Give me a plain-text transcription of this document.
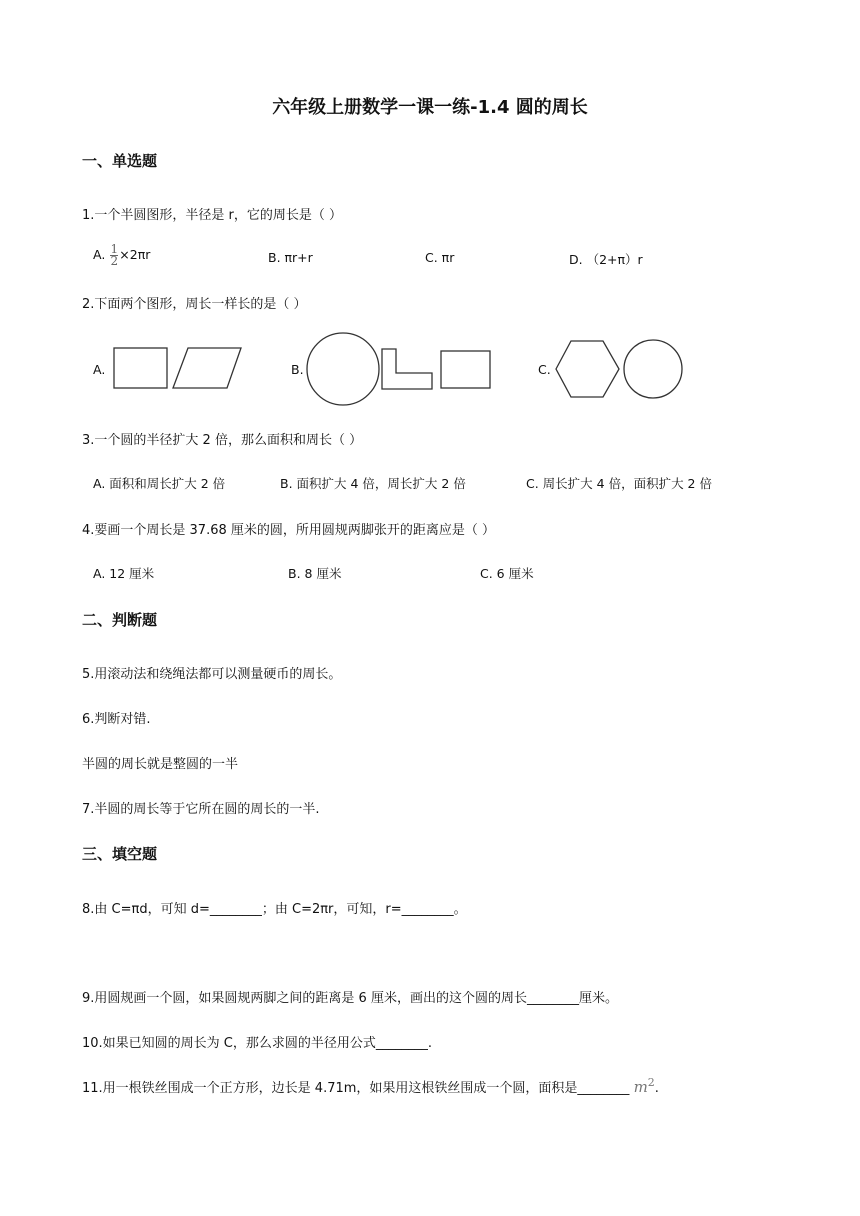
六年级上册数学一课一练-1.4 圆的周长
一、单选题
1.一个半圆图形，半径是 r，它的周长是（ ）
A. $\frac{1}{2}\times 2\pi r$	B. πr+r	C. πr	D. （2+π）r
2.下面两个图形，周长一样长的是（ ）
A.	B.	C.
3.一个圆的半径扩大 2 倍，那么面积和周长（ ）
A. 面积和周长扩大 2 倍	B. 面积扩大 4 倍，周长扩大 2 倍	C. 周长扩大 4 倍，面积扩大 2 倍
4.要画一个周长是 37.68 厘米的圆，所用圆规两脚张开的距离应是（ ）
A. 12 厘米	B. 8 厘米	C. 6 厘米
二、判断题
5.用滚动法和绕绳法都可以测量硬币的周长。
6.判断对错.
半圆的周长就是整圆的一半
7.半圆的周长等于它所在圆的周长的一半.
三、填空题
8.由 C=πd，可知 d=________；由 C=2πr，可知，r=________。
9.用圆规画一个圆，如果圆规两脚之间的距离是 6 厘米，画出的这个圆的周长________厘米。
10.如果已知圆的周长为 C，那么求圆的半径用公式________.
11.用一根铁丝围成一个正方形，边长是 4.71m，如果用这根铁丝围成一个圆，面积是________ $m^2$.
